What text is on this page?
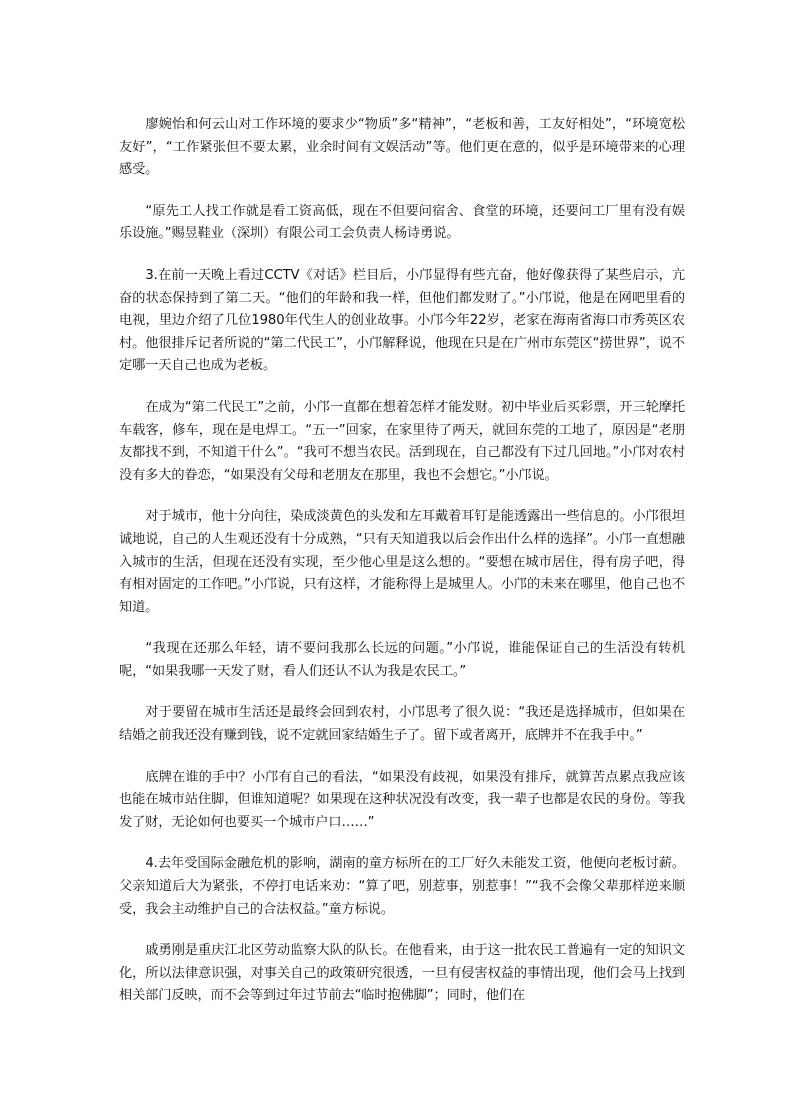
廖婉怡和何云山对工作环境的要求少“物质”多“精神”，“老板和善，工友好相处”，“环境宽松友好”，“工作紧张但不要太累，业余时间有文娱活动”等。他们更在意的，似乎是环境带来的心理感受。

“原先工人找工作就是看工资高低，现在不但要问宿舍、食堂的环境，还要问工厂里有没有娱乐设施。”赐昱鞋业（深圳）有限公司工会负责人杨诗勇说。

3.在前一天晚上看过CCTV《对话》栏目后，小邝显得有些亢奋，他好像获得了某些启示，亢奋的状态保持到了第二天。“他们的年龄和我一样，但他们都发财了。”小邝说，他是在网吧里看的电视，里边介绍了几位1980年代生人的创业故事。小邝今年22岁，老家在海南省海口市秀英区农村。他很排斥记者所说的“第二代民工”，小邝解释说，他现在只是在广州市东莞区“捞世界”，说不定哪一天自己也成为老板。

在成为“第二代民工”之前，小邝一直都在想着怎样才能发财。初中毕业后买彩票，开三轮摩托车载客，修车，现在是电焊工。“五一”回家，在家里待了两天，就回东莞的工地了，原因是“老朋友都找不到，不知道干什么”。“我可不想当农民。活到现在，自己都没有下过几回地。”小邝对农村没有多大的眷恋，“如果没有父母和老朋友在那里，我也不会想它。”小邝说。

对于城市，他十分向往，染成淡黄色的头发和左耳戴着耳钉是能透露出一些信息的。小邝很坦诚地说，自己的人生观还没有十分成熟，“只有天知道我以后会作出什么样的选择”。小邝一直想融入城市的生活，但现在还没有实现，至少他心里是这么想的。“要想在城市居住，得有房子吧，得有相对固定的工作吧。”小邝说，只有这样，才能称得上是城里人。小邝的未来在哪里，他自己也不知道。

“我现在还那么年轻，请不要问我那么长远的问题。”小邝说，谁能保证自己的生活没有转机呢，“如果我哪一天发了财，看人们还认不认为我是农民工。”

对于要留在城市生活还是最终会回到农村，小邝思考了很久说：“我还是选择城市，但如果在结婚之前我还没有赚到钱，说不定就回家结婚生子了。留下或者离开，底牌并不在我手中。”

底牌在谁的手中？小邝有自己的看法，“如果没有歧视，如果没有排斥，就算苦点累点我应该也能在城市站住脚，但谁知道呢？如果现在这种状况没有改变，我一辈子也都是农民的身份。等我发了财，无论如何也要买一个城市户口……”

4.去年受国际金融危机的影响，湖南的童方标所在的工厂好久未能发工资，他便向老板讨薪。父亲知道后大为紧张，不停打电话来劝：“算了吧，别惹事，别惹事！”“我不会像父辈那样逆来顺受，我会主动维护自己的合法权益。”童方标说。

戚勇刚是重庆江北区劳动监察大队的队长。在他看来，由于这一批农民工普遍有一定的知识文化，所以法律意识强，对事关自己的政策研究很透，一旦有侵害权益的事情出现，他们会马上找到相关部门反映，而不会等到过年过节前去“临时抱佛脚”；同时，他们在
